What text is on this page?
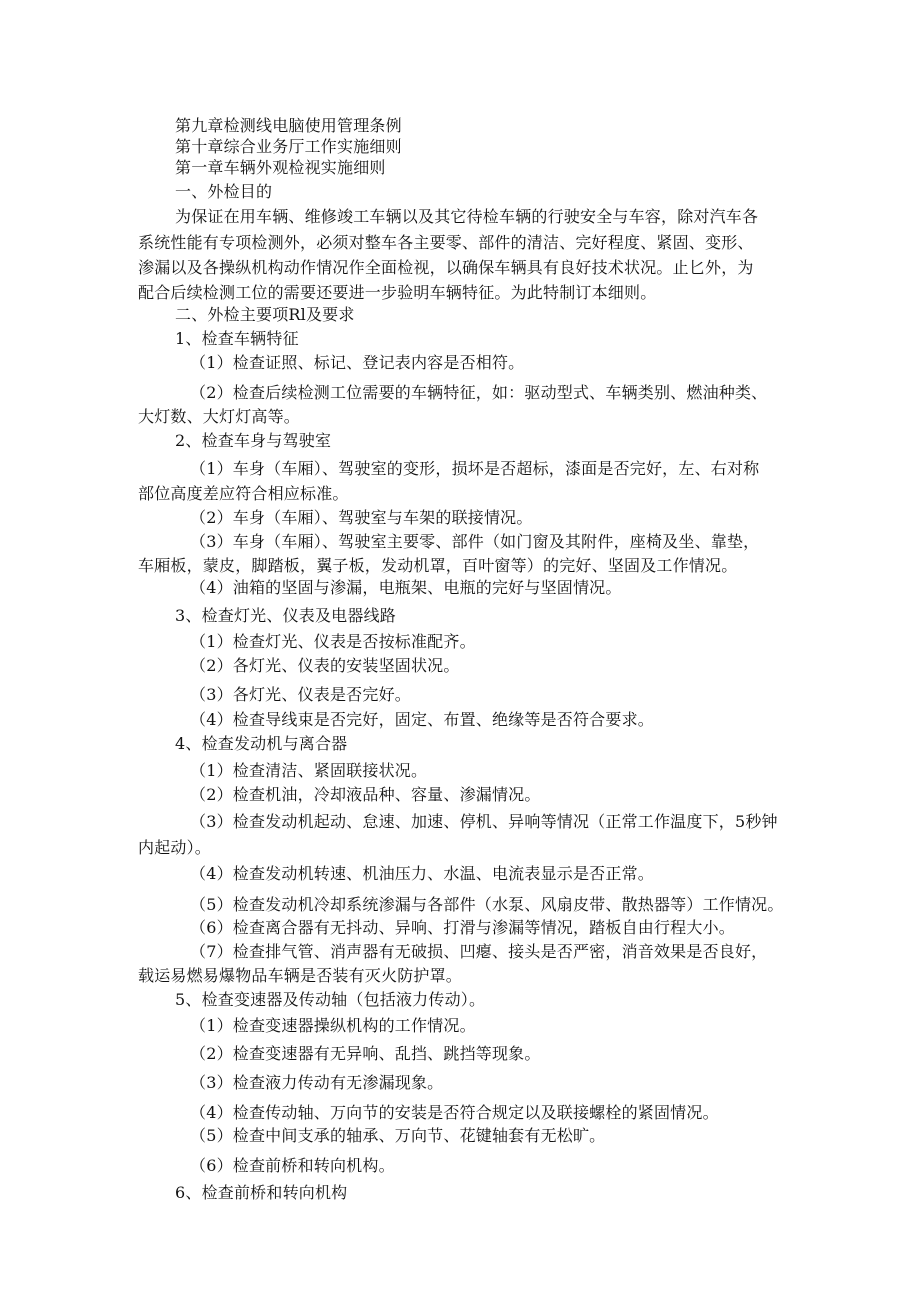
第九章检测线电脑使用管理条例
第十章综合业务厅工作实施细则
第一章车辆外观检视实施细则
一、外检目的
为保证在用车辆、维修竣工车辆以及其它待检车辆的行驶安全与车容，除对汽车各
系统性能有专项检测外，必须对整车各主要零、部件的清洁、完好程度、紧固、变形、
渗漏以及各操纵机构动作情况作全面检视，以确保车辆具有良好技术状况。止匕外，为
配合后续检测工位的需要还要进一步验明车辆特征。为此特制订本细则。
二、外检主要项Rl及要求
1、检查车辆特征
（1）检查证照、标记、登记表内容是否相符。
（2）检查后续检测工位需要的车辆特征，如：驱动型式、车辆类别、燃油种类、
大灯数、大灯灯高等。
2、检查车身与驾驶室
（1）车身（车厢）、驾驶室的变形，损坏是否超标，漆面是否完好，左、右对称
部位高度差应符合相应标准。
（2）车身（车厢）、驾驶室与车架的联接情况。
（3）车身（车厢）、驾驶室主要零、部件（如门窗及其附件，座椅及坐、靠垫，
车厢板，蒙皮，脚踏板，翼子板，发动机罩，百叶窗等）的完好、坚固及工作情况。
（4）油箱的坚固与渗漏，电瓶架、电瓶的完好与坚固情况。
3、检查灯光、仪表及电器线路
（1）检查灯光、仪表是否按标准配齐。
（2）各灯光、仪表的安装坚固状况。
（3）各灯光、仪表是否完好。
（4）检查导线束是否完好，固定、布置、绝缘等是否符合要求。
4、检查发动机与离合器
（1）检查清洁、紧固联接状况。
（2）检查机油，冷却液品种、容量、渗漏情况。
（3）检查发动机起动、怠速、加速、停机、异响等情况（正常工作温度下，5秒钟
内起动）。
（4）检查发动机转速、机油压力、水温、电流表显示是否正常。
（5）检查发动机冷却系统渗漏与各部件（水泵、风扇皮带、散热器等）工作情况。
（6）检查离合器有无抖动、异响、打滑与渗漏等情况，踏板自由行程大小。
（7）检查排气管、消声器有无破损、凹瘪、接头是否严密，消音效果是否良好，
载运易燃易爆物品车辆是否装有灭火防护罩。
5、检查变速器及传动轴（包括液力传动）。
（1）检查变速器操纵机构的工作情况。
（2）检查变速器有无异响、乱挡、跳挡等现象。
（3）检查液力传动有无渗漏现象。
（4）检查传动轴、万向节的安装是否符合规定以及联接螺栓的紧固情况。
（5）检查中间支承的轴承、万向节、花键轴套有无松旷。
（6）检查前桥和转向机构。
6、检查前桥和转向机构
